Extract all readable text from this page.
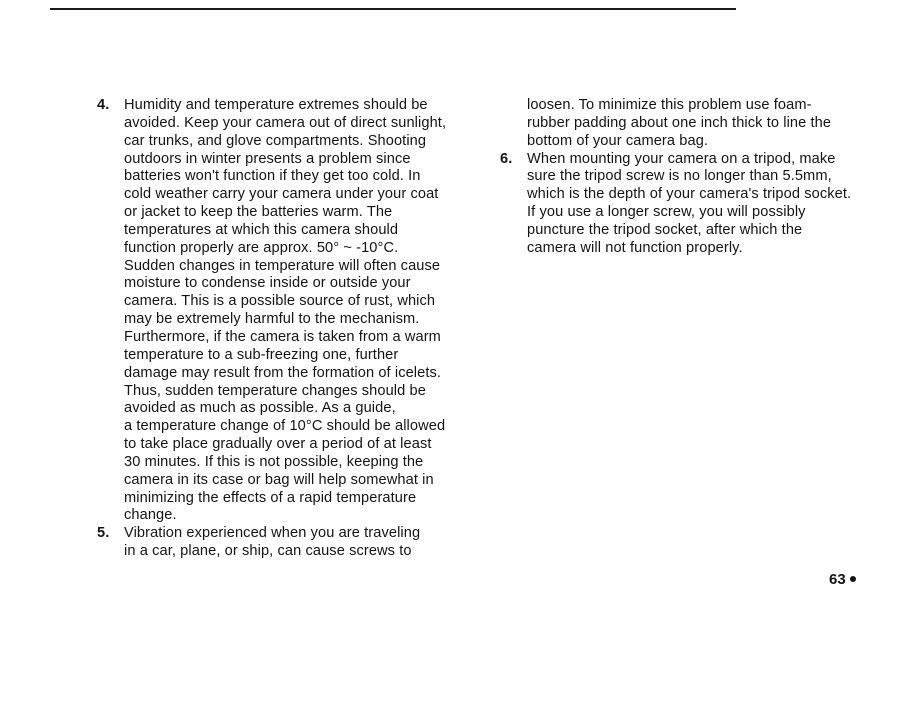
4. Humidity and temperature extremes should be
avoided. Keep your camera out of direct sunlight,
car trunks, and glove compartments. Shooting
outdoors in winter presents a problem since
batteries won't function if they get too cold. In
cold weather carry your camera under your coat
or jacket to keep the batteries warm. The
temperatures at which this camera should
function properly are approx. 50° ~ -10°C.
Sudden changes in temperature will often cause
moisture to condense inside or outside your
camera. This is a possible source of rust, which
may be extremely harmful to the mechanism.
Furthermore, if the camera is taken from a warm
temperature to a sub-freezing one, further
damage may result from the formation of icelets.
Thus, sudden temperature changes should be
avoided as much as possible. As a guide,
a temperature change of 10°C should be allowed
to take place gradually over a period of at least
30 minutes. If this is not possible, keeping the
camera in its case or bag will help somewhat in
minimizing the effects of a rapid temperature
change.
5. Vibration experienced when you are traveling
in a car, plane, or ship, can cause screws to
loosen. To minimize this problem use foam-
rubber padding about one inch thick to line the
bottom of your camera bag.
6. When mounting your camera on a tripod, make
sure the tripod screw is no longer than 5.5mm,
which is the depth of your camera's tripod socket.
If you use a longer screw, you will possibly
puncture the tripod socket, after which the
camera will not function properly.
63
